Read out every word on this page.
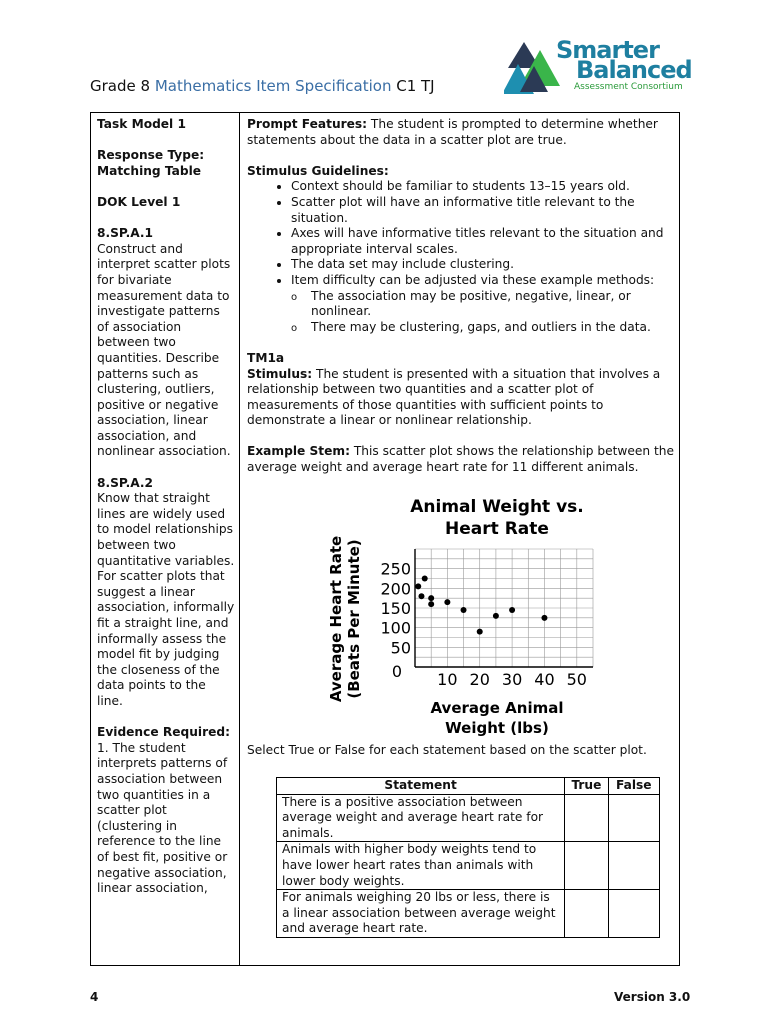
Grade 8 Mathematics Item Specification C1 TJ
Smarter
Balanced
Assessment Consortium

Task Model 1

Response Type:

Matching Table

DOK Level 1

8.SP.A.1

Construct and interpret scatter plots for bivariate measurement data to investigate patterns of association between two quantities. Describe patterns such as clustering, outliers, positive or negative association, linear association, and nonlinear association.

8.SP.A.2

Know that straight lines are widely used to model relationships between two quantitative variables. For scatter plots that suggest a linear association, informally fit a straight line, and informally assess the model fit by judging the closeness of the data points to the line.

Evidence Required:

1. The student interprets patterns of association between two quantities in a scatter plot (clustering in reference to the line of best fit, positive or negative association, linear association,

Prompt Features: The student is prompted to determine whether statements about the data in a scatter plot are true.

Stimulus Guidelines:

• Context should be familiar to students 13–15 years old.
• Scatter plot will have an informative title relevant to the situation.
• Axes will have informative titles relevant to the situation and appropriate interval scales.
• The data set may include clustering.
• Item difficulty can be adjusted via these example methods:
o The association may be positive, negative, linear, or nonlinear.
o There may be clustering, gaps, and outliers in the data.

TM1a

Stimulus: The student is presented with a situation that involves a relationship between two quantities and a scatter plot of measurements of those quantities with sufficient points to demonstrate a linear or nonlinear relationship.

Example Stem: This scatter plot shows the relationship between the average weight and average heart rate for 11 different animals.

Animal Weight vs.
Heart Rate
Average Heart Rate (Beats Per Minute) 50
100
150
200
250
10 20 30 40 50
0
Average Animal
Weight (lbs)

Select True or False for each statement based on the scatter plot.

Statement	True	False
There is a positive association between average weight and average heart rate for animals.		
Animals with higher body weights tend to have lower heart rates than animals with lower body weights.		
For animals weighing 20 lbs or less, there is a linear association between average weight and average heart rate.		
4	Version 3.0
